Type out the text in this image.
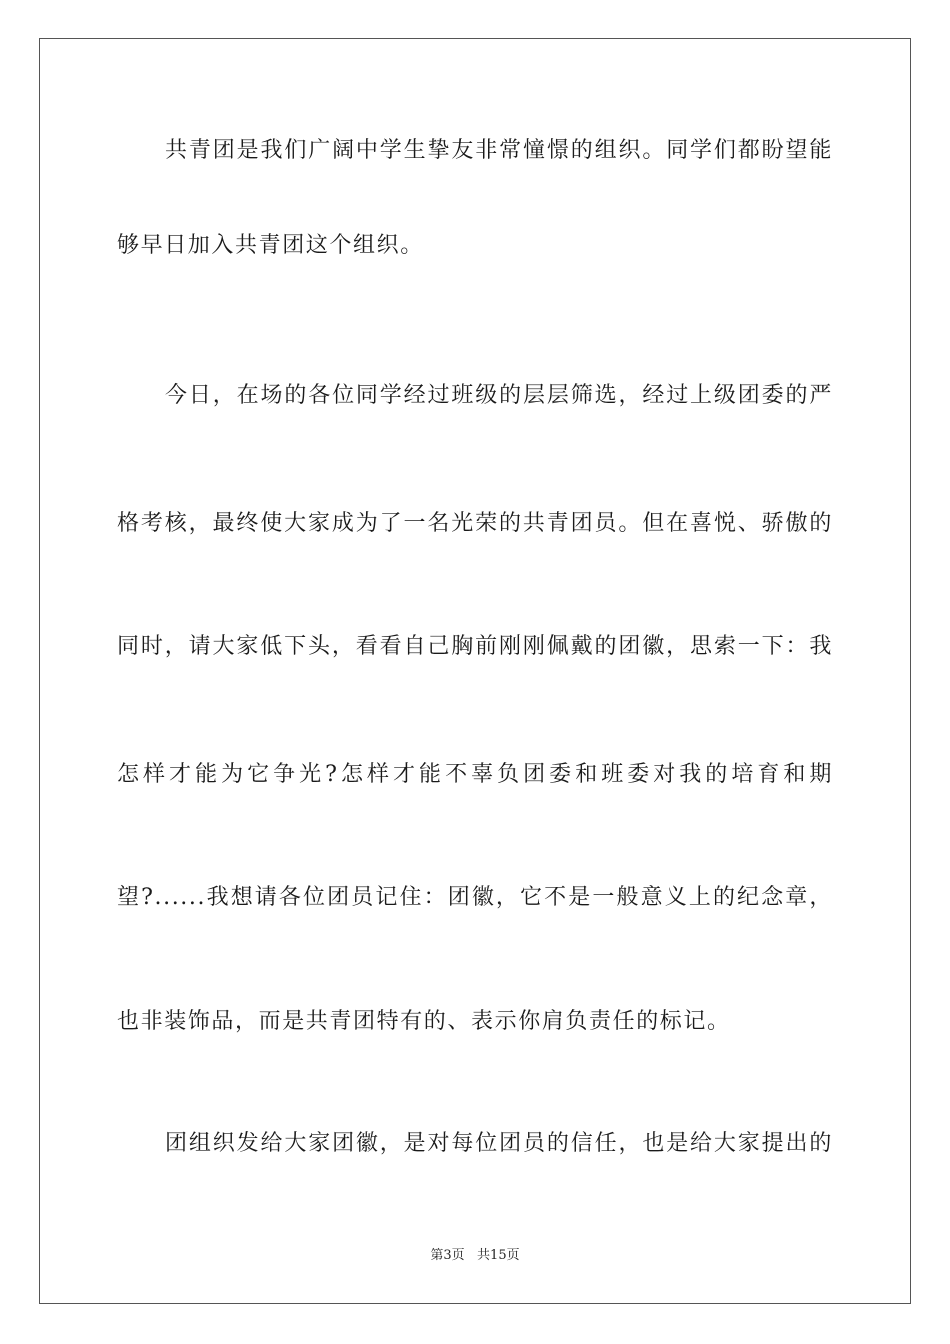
共青团是我们广阔中学生挚友非常憧憬的组织。同学们都盼望能
够早日加入共青团这个组织。
今日，在场的各位同学经过班级的层层筛选，经过上级团委的严
格考核，最终使大家成为了一名光荣的共青团员。但在喜悦、骄傲的
同时，请大家低下头，看看自己胸前刚刚佩戴的团徽，思索一下：我
怎样才能为它争光?怎样才能不辜负团委和班委对我的培育和期
望?......我想请各位团员记住：团徽，它不是一般意义上的纪念章，
也非装饰品，而是共青团特有的、表示你肩负责任的标记。
团组织发给大家团徽，是对每位团员的信任，也是给大家提出的
第3页   共15页
